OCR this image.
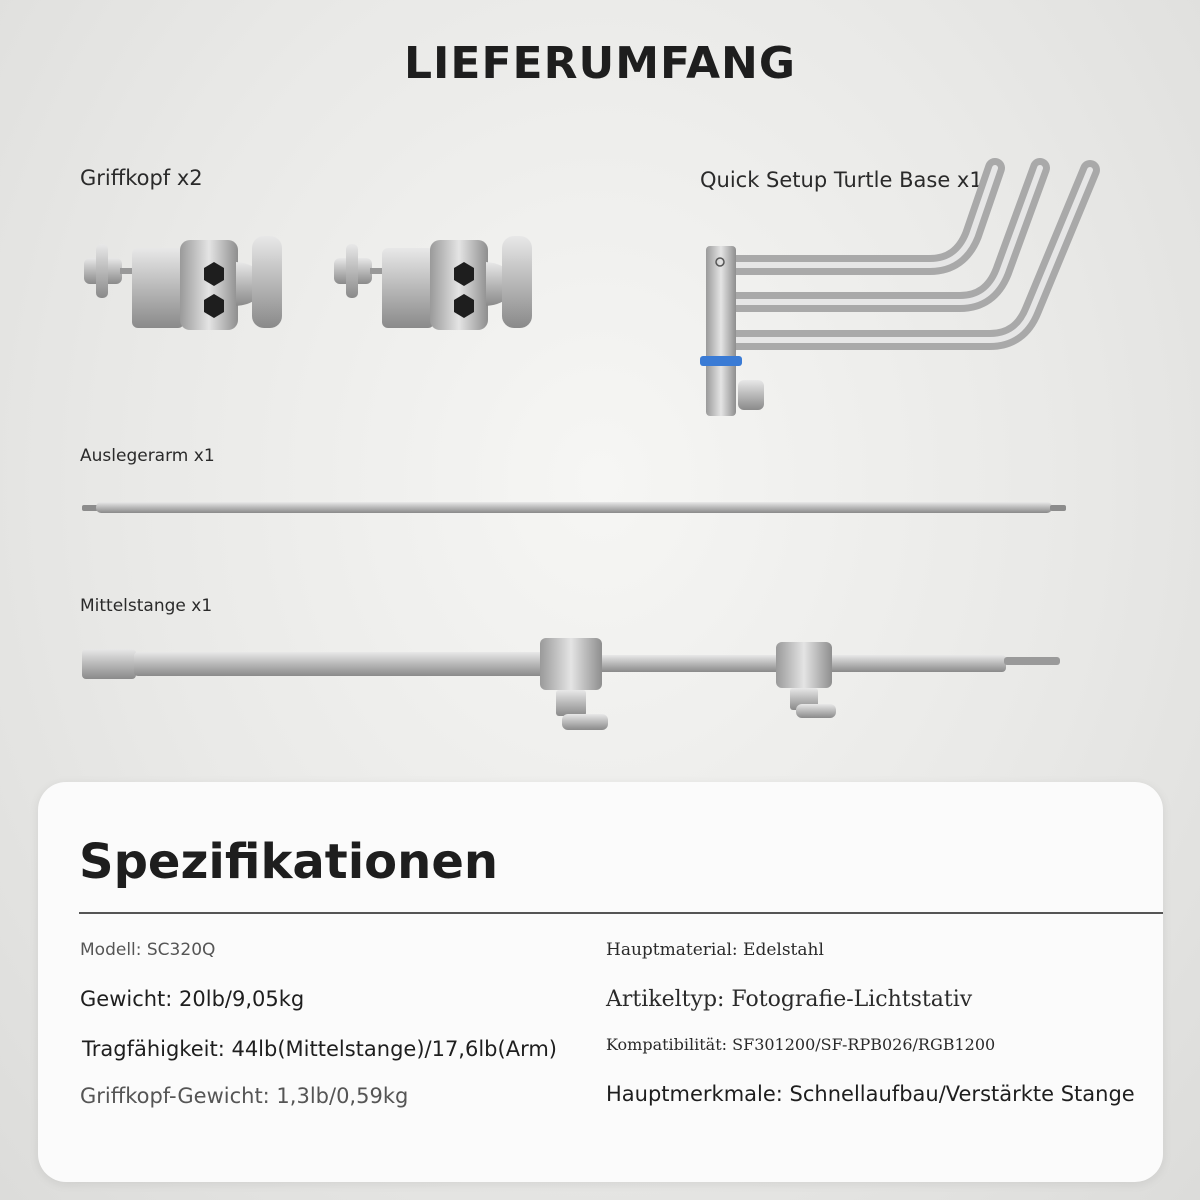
LIEFERUMFANG
Griffkopf x2	Quick Setup Turtle Base x1
Auslegerarm x1
Mittelstange x1
Spezifikationen
Modell: SC320Q
Gewicht: 20lb/9,05kg
Tragfähigkeit: 44lb(Mittelstange)/17,6lb(Arm)
Griffkopf-Gewicht: 1,3lb/0,59kg
Hauptmaterial: Edelstahl
Artikeltyp: Fotografie-Lichtstativ
Kompatibilität: SF301200/SF-RPB026/RGB1200
Hauptmerkmale: Schnellaufbau/Verstärkte Stange
